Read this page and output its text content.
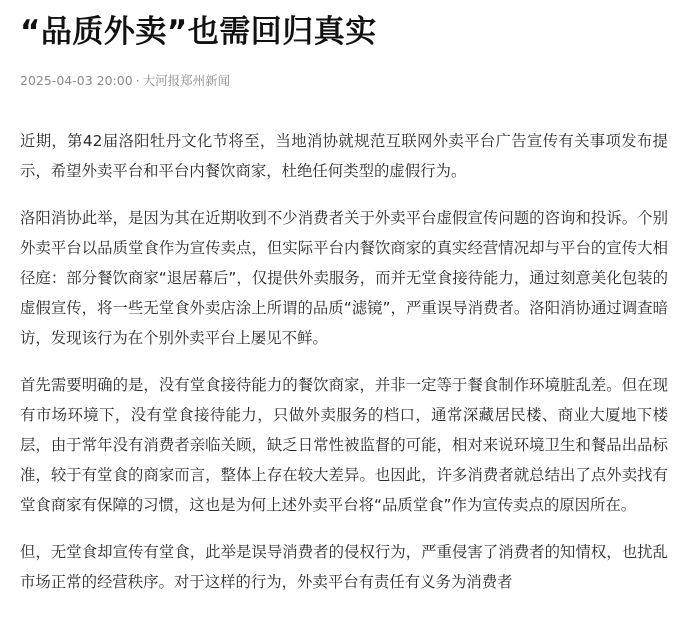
“品质外卖”也需回归真实
2025-04-03 20:00 · 大河报郑州新闻

近期，第42届洛阳牡丹文化节将至，当地消协就规范互联网外卖平台广告宣传有关事项发布提示，希望外卖平台和平台内餐饮商家，杜绝任何类型的虚假行为。

洛阳消协此举，是因为其在近期收到不少消费者关于外卖平台虚假宣传问题的咨询和投诉。个别外卖平台以品质堂食作为宣传卖点，但实际平台内餐饮商家的真实经营情况却与平台的宣传大相径庭：部分餐饮商家“退居幕后”，仅提供外卖服务，而并无堂食接待能力，通过刻意美化包装的虚假宣传，将一些无堂食外卖店涂上所谓的品质“滤镜”，严重误导消费者。洛阳消协通过调查暗访，发现该行为在个别外卖平台上屡见不鲜。

首先需要明确的是，没有堂食接待能力的餐饮商家，并非一定等于餐食制作环境脏乱差。但在现有市场环境下，没有堂食接待能力，只做外卖服务的档口，通常深藏居民楼、商业大厦地下楼层，由于常年没有消费者亲临关顾，缺乏日常性被监督的可能，相对来说环境卫生和餐品出品标准，较于有堂食的商家而言，整体上存在较大差异。也因此，许多消费者就总结出了点外卖找有堂食商家有保障的习惯，这也是为何上述外卖平台将“品质堂食”作为宣传卖点的原因所在。

但，无堂食却宣传有堂食，此举是误导消费者的侵权行为，严重侵害了消费者的知情权，也扰乱市场正常的经营秩序。对于这样的行为，外卖平台有责任有义务为消费者
